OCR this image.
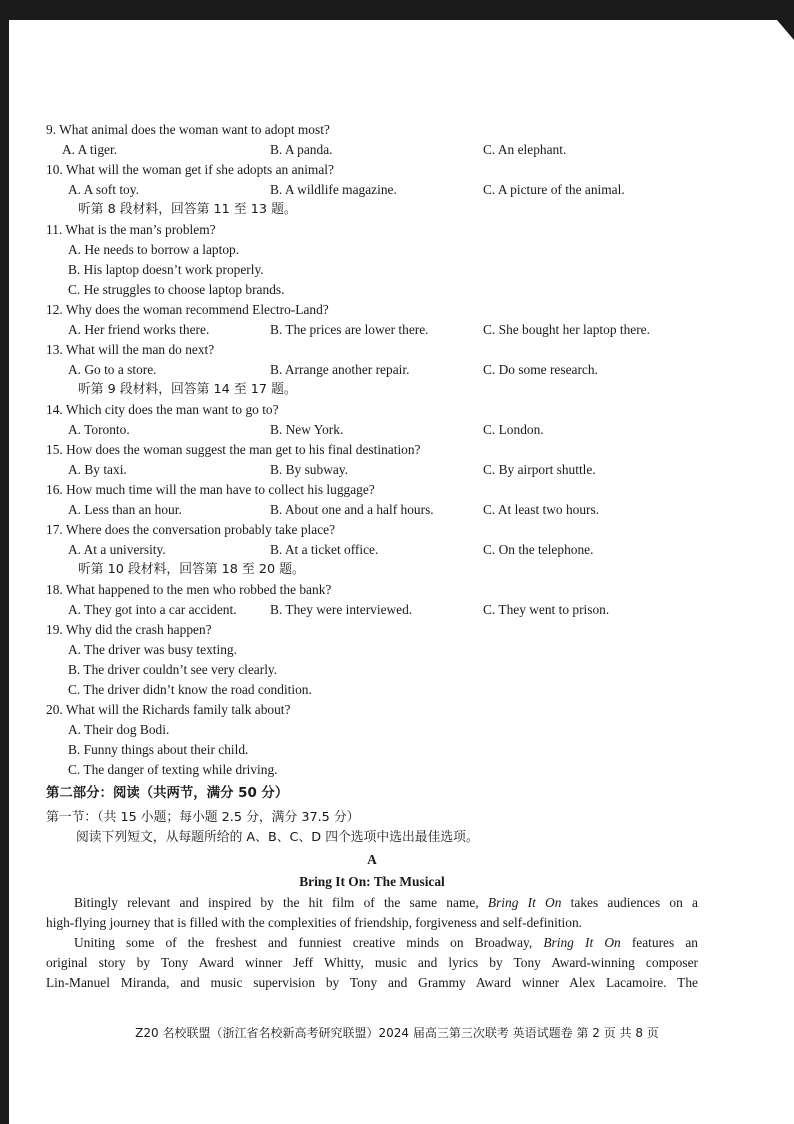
9. What animal does the woman want to adopt most?
A. A tiger.	B. A panda.	C. An elephant.
10. What will the woman get if she adopts an animal?
A. A soft toy.	B. A wildlife magazine.	C. A picture of the animal.
听第 8 段材料，回答第 11 至 13 题。
11. What is the man’s problem?
A. He needs to borrow a laptop.
B. His laptop doesn’t work properly.
C. He struggles to choose laptop brands.
12. Why does the woman recommend Electro-Land?
A. Her friend works there.	B. The prices are lower there.	C. She bought her laptop there.
13. What will the man do next?
A. Go to a store.	B. Arrange another repair.	C. Do some research.
听第 9 段材料，回答第 14 至 17 题。
14. Which city does the man want to go to?
A. Toronto.	B. New York.	C. London.
15. How does the woman suggest the man get to his final destination?
A. By taxi.	B. By subway.	C. By airport shuttle.
16. How much time will the man have to collect his luggage?
A. Less than an hour.	B. About one and a half hours.	C. At least two hours.
17. Where does the conversation probably take place?
A. At a university.	B. At a ticket office.	C. On the telephone.
听第 10 段材料，回答第 18 至 20 题。
18. What happened to the men who robbed the bank?
A. They got into a car accident. B. They were interviewed.	C. They went to prison.
19. Why did the crash happen?
A. The driver was busy texting.
B. The driver couldn’t see very clearly.
C. The driver didn’t know the road condition.
20. What will the Richards family talk about?
A. Their dog Bodi.
B. Funny things about their child.
C. The danger of texting while driving.
第二部分：阅读（共两节，满分 50 分）
第一节：（共 15 小题；每小题 2.5 分，满分 37.5 分）
阅读下列短文，从每题所给的 A、B、C、D 四个选项中选出最佳选项。
A
Bring It On: The Musical
Bitingly relevant and inspired by the hit film of the same name, Bring It On takes audiences on a
high-flying journey that is filled with the complexities of friendship, forgiveness and self-definition.
Uniting some of the freshest and funniest creative minds on Broadway, Bring It On features an
original story by Tony Award winner Jeff Whitty, music and lyrics by Tony Award-winning composer
Lin-Manuel Miranda, and music supervision by Tony and Grammy Award winner Alex Lacamoire. The
Z20 名校联盟（浙江省名校新高考研究联盟）2024 届高三第三次联考 英语试题卷 第 2 页 共 8 页
